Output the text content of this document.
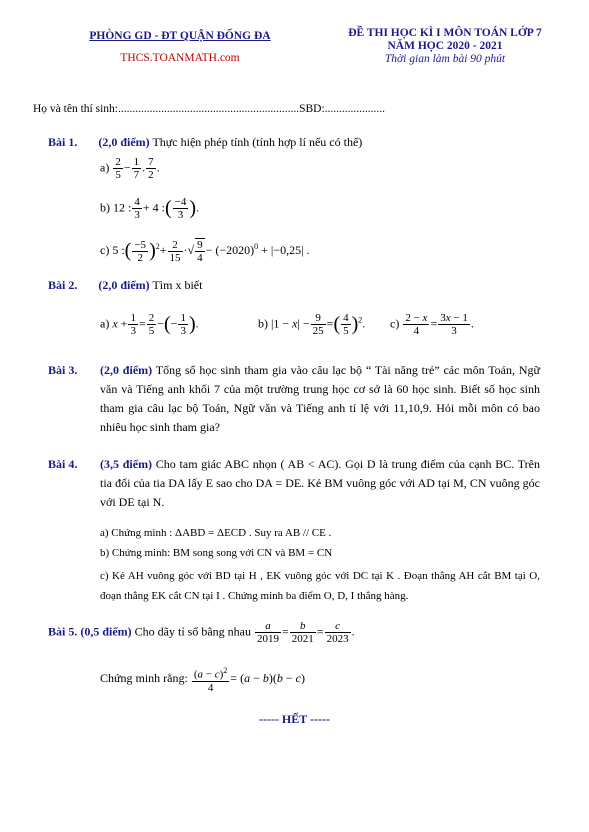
PHÒNG GD - ĐT QUẬN ĐỐNG ĐA
THCS.TOANMATH.com
ĐỀ THI HỌC KÌ I MÔN TOÁN LỚP 7
NĂM HỌC 2020 - 2021
Thời gian làm bài 90 phút
Họ và tên thí sinh:...............................................................SBD:.....................
Bài 1. (2,0 điểm) Thực hiện phép tính (tính hợp lí nếu có thể)
$a) \frac{2}{5} - \frac{1}{7}$ . $\frac{7}{2}$ .
b) 12 : $\frac{4}{3} + 4$ :( $\frac{-4}{3}$ ).
c) 5 :( $\frac{-5}{2} )^2+ \frac{2}{15}$ ·√ $\frac{9}{4} - (-2020)^0 + |-0,25|$ .
Bài 2. (2,0 điểm) Tìm x biết
a) $x + \frac{1}{3} = \frac{2}{5}$ −(− $\frac{1}{3}$ ).	b) $|1 - x| - \frac{9}{25}$ =( $\frac{4}{5} )^2$. $c) \frac{2 - x}{4} = \frac{3x - 1}{3}$ .
Bài 3. (2,0 điểm) Tổng số học sinh tham gia vào câu lạc bộ “ Tài năng trẻ” các môn Toán, Ngữ văn và Tiếng anh khối 7 của một trường trung học cơ sở là 60 học sinh. Biết số học sinh tham gia câu lạc bộ Toán, Ngữ văn và Tiếng anh tỉ lệ với 11,10,9. Hỏi mỗi môn có bao nhiêu học sinh tham gia?
Bài 4. (3,5 điểm) Cho tam giác ABC nhọn ( AB < AC). Gọi D là trung điểm của cạnh BC. Trên tia đối của tia DA lấy E sao cho DA = DE. Kẻ BM vuông góc với AD tại M, CN vuông góc với DE tại N.
a) Chứng minh : ΔABD = ΔECD . Suy ra AB // CE .
b) Chứng minh: BM song song với CN và BM = CN
c) Kẻ AH vuông góc với BD tại H , EK vuông góc với DC tại K . Đoạn thẳng AH cắt BM tại O, đoạn thẳng EK cắt CN tại I . Chứng minh ba điểm O, D, I thẳng hàng.
Bài 5. (0,5 điểm) Cho dãy tỉ số bằng nhau $\frac{a}{2019} = \frac{b}{2021} = \frac{c}{2023}$ .
Chứng minh rằng: $\frac{(a - c)^2}{4} = (a - b)(b - c)$
----- HẾT -----
